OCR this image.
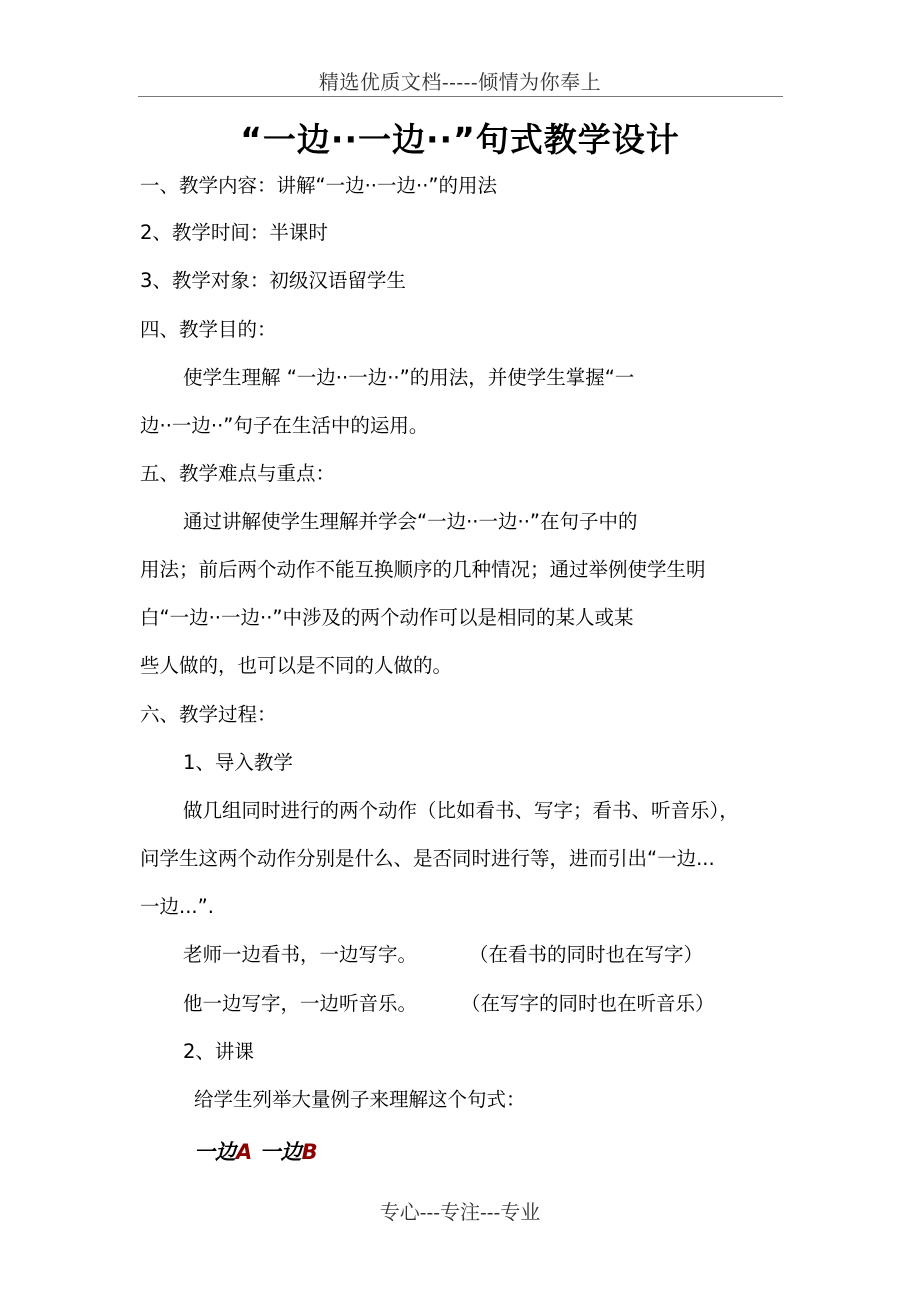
精选优质文档-----倾情为你奉上
“一边··一边··”句式教学设计
一、教学内容：讲解“一边··一边··”的用法
2、教学时间：半课时
3、教学对象：初级汉语留学生
四、教学目的：
使学生理解 “一边··一边··”的用法，并使学生掌握“一
边··一边··”句子在生活中的运用。
五、教学难点与重点：
通过讲解使学生理解并学会“一边··一边··”在句子中的
用法；前后两个动作不能互换顺序的几种情况；通过举例使学生明
白“一边··一边··”中涉及的两个动作可以是相同的某人或某
些人做的，也可以是不同的人做的。
六、教学过程：
1、导入教学
做几组同时进行的两个动作（比如看书、写字；看书、听音乐），
问学生这两个动作分别是什么、是否同时进行等，进而引出“一边...
一边...”.
老师一边看书，一边写字。	（在看书的同时也在写字）
他一边写字，一边听音乐。 （在写字的同时也在听音乐）
2、讲课
给学生列举大量例子来理解这个句式：
一边A 一边B
专心---专注---专业
